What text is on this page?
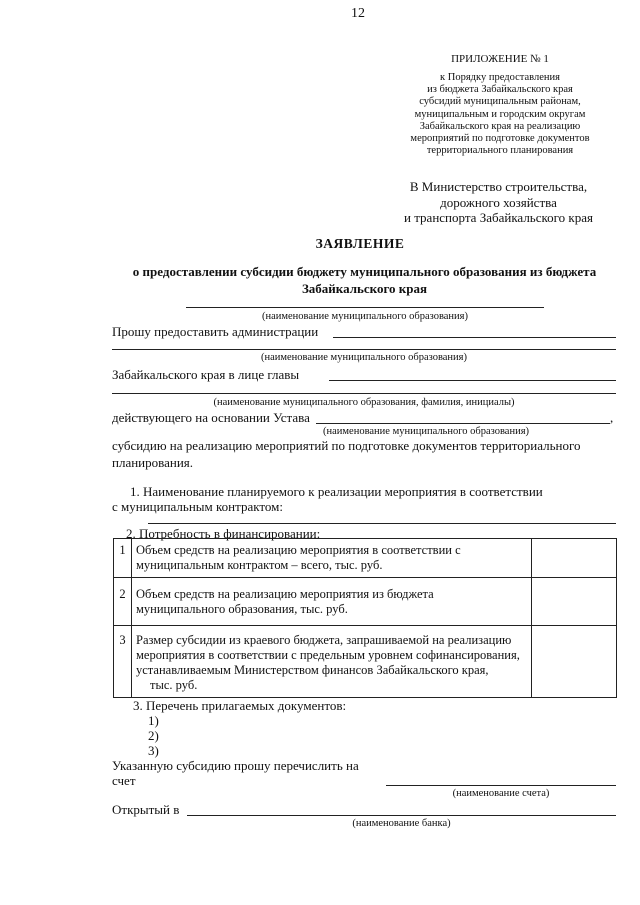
12
ПРИЛОЖЕНИЕ № 1
к Порядку предоставления
из бюджета Забайкальского края
субсидий муниципальным районам,
муниципальным и городским округам
Забайкальского края на реализацию
мероприятий по подготовке документов
территориального планирования
В Министерство строительства,
дорожного хозяйства
и транспорта Забайкальского края
ЗАЯВЛЕНИЕ
о предоставлении субсидии бюджету муниципального образования из бюджета
Забайкальского края
(наименование муниципального образования)
Прошу предоставить администрации
(наименование муниципального образования)
Забайкальского края в лице главы
(наименование муниципального образования, фамилия, инициалы)
действующего на основании Устава	,
(наименование муниципального образования)
субсидию на реализацию мероприятий по подготовке документов территориального
планирования.
1. Наименование планируемого к реализации мероприятия в соответствии
с муниципальным контрактом:
2. Потребность в финансировании:
1	Объем средств на реализацию мероприятия в соответствии с
муниципальным контрактом – всего, тыс. руб.	
2	Объем средств на реализацию мероприятия из бюджета
муниципального образования, тыс. руб.	
3	Размер субсидии из краевого бюджета, запрашиваемой на реализацию
мероприятия в соответствии с предельным уровнем софинансирования,
устанавливаемым Министерством финансов Забайкальского края,
тыс. руб.	
3. Перечень прилагаемых документов:
1)
2)
3)
Указанную субсидию прошу перечислить на
счет
(наименование счета)
Открытый в
(наименование банка)
